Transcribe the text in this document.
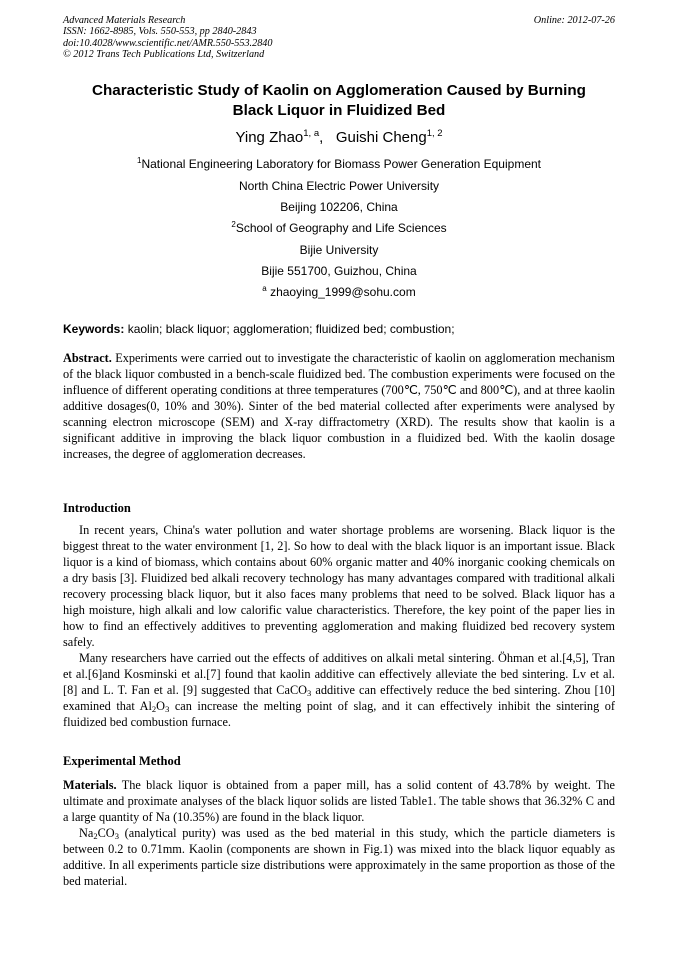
Advanced Materials Research
ISSN: 1662-8985, Vols. 550-553, pp 2840-2843
doi:10.4028/www.scientific.net/AMR.550-553.2840
© 2012 Trans Tech Publications Ltd, Switzerland
Online: 2012-07-26
Characteristic Study of Kaolin on Agglomeration Caused by Burning
Black Liquor in Fluidized Bed
Ying Zhao$^{1, a}$, Guishi Cheng$^{1, 2}$
$^1$National Engineering Laboratory for Biomass Power Generation Equipment
North China Electric Power University
Beijing 102206, China
$^2$School of Geography and Life Sciences
Bijie University
Bijie 551700, Guizhou, China
$^a$ zhaoying_1999@sohu.com
Keywords: kaolin; black liquor; agglomeration; fluidized bed; combustion;

Abstract. Experiments were carried out to investigate the characteristic of kaolin on agglomeration mechanism of the black liquor combusted in a bench-scale fluidized bed. The combustion experiments were focused on the influence of different operating conditions at three temperatures (700℃, 750℃ and 800℃), and at three kaolin additive dosages(0, 10% and 30%). Sinter of the bed material collected after experiments were analysed by scanning electron microscope (SEM) and X-ray diffractometry (XRD). The results show that kaolin is a significant additive in improving the black liquor combustion in a fluidized bed. With the kaolin dosage increases, the degree of agglomeration decreases.

Introduction

In recent years, China's water pollution and water shortage problems are worsening. Black liquor is the biggest threat to the water environment [1, 2]. So how to deal with the black liquor is an important issue. Black liquor is a kind of biomass, which contains about 60% organic matter and 40% inorganic cooking chemicals on a dry basis [3]. Fluidized bed alkali recovery technology has many advantages compared with traditional alkali recovery processing black liquor, but it also faces many problems that need to be solved. Black liquor has a high moisture, high alkali and low calorific value characteristics. Therefore, the key point of the paper lies in how to find an effectively additives to preventing agglomeration and making fluidized bed recovery system safely.

Many researchers have carried out the effects of additives on alkali metal sintering. Öhman et al.[4,5], Tran et al.[6]and Kosminski et al.[7] found that kaolin additive can effectively alleviate the bed sintering. Lv et al. [8] and L. T. Fan et al. [9] suggested that CaCO$_3$ additive can effectively reduce the bed sintering. Zhou [10] examined that $Al_2O_3$ can increase the melting point of slag, and it can effectively inhibit the sintering of fluidized bed combustion furnace.

Experimental Method

Materials. The black liquor is obtained from a paper mill, has a solid content of 43.78% by weight. The ultimate and proximate analyses of the black liquor solids are listed Table1. The table shows that 36.32% C and a large quantity of Na (10.35%) are found in the black liquor.

$Na_2CO_3$ (analytical purity) was used as the bed material in this study, which the particle diameters is between 0.2 to 0.71mm. Kaolin (components are shown in Fig.1) was mixed into the black liquor equably as additive. In all experiments particle size distributions were approximately in the same proportion as those of the bed material.
